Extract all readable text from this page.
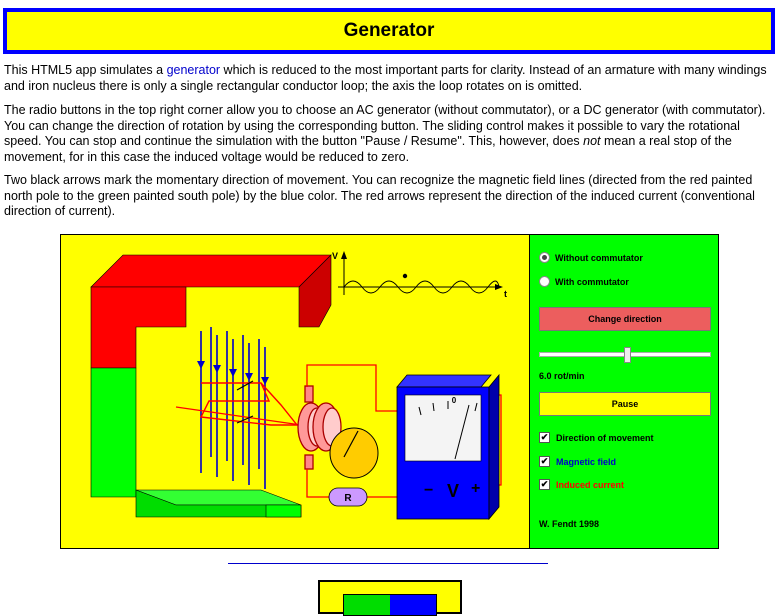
Generator

This HTML5 app simulates a generator which is reduced to the most important parts for clarity. Instead of an armature with many windings and iron nucleus there is only a single rectangular conductor loop; the axis the loop rotates on is omitted.

The radio buttons in the top right corner allow you to choose an AC generator (without commutator), or a DC generator (with commutator). You can change the direction of rotation by using the corresponding button. The sliding control makes it possible to vary the rotational speed. You can stop and continue the simulation with the button "Pause / Resume". This, however, does not mean a real stop of the movement, for in this case the induced voltage would be reduced to zero.

Two black arrows mark the momentary direction of movement. You can recognize the magnetic field lines (directed from the red painted north pole to the green painted south pole) by the blue color. The red arrows represent the direction of the induced current (conventional direction of current).

R
0
− V +
V
t
Without commutator
With commutator
Change direction
6.0 rot/min
Pause
✔ Direction of movement
✔ Magnetic field
✔ Induced current
W. Fendt 1998
